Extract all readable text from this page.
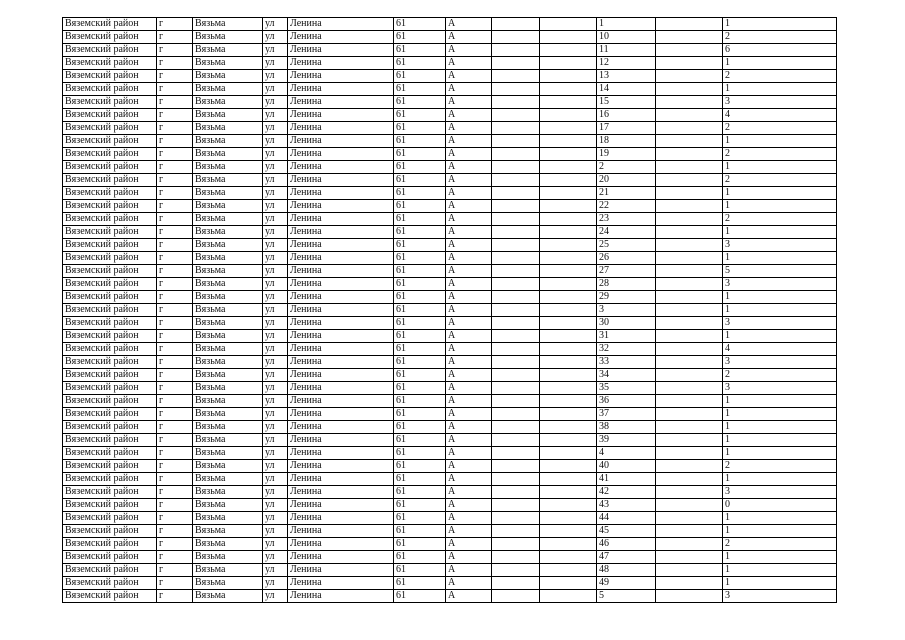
Вяземский район	г	Вязьма	ул	Ленина	61	А			1		1
Вяземский район	г	Вязьма	ул	Ленина	61	А			10		2
Вяземский район	г	Вязьма	ул	Ленина	61	А			11		6
Вяземский район	г	Вязьма	ул	Ленина	61	А			12		1
Вяземский район	г	Вязьма	ул	Ленина	61	А			13		2
Вяземский район	г	Вязьма	ул	Ленина	61	А			14		1
Вяземский район	г	Вязьма	ул	Ленина	61	А			15		3
Вяземский район	г	Вязьма	ул	Ленина	61	А			16		4
Вяземский район	г	Вязьма	ул	Ленина	61	А			17		2
Вяземский район	г	Вязьма	ул	Ленина	61	А			18		1
Вяземский район	г	Вязьма	ул	Ленина	61	А			19		2
Вяземский район	г	Вязьма	ул	Ленина	61	А			2		1
Вяземский район	г	Вязьма	ул	Ленина	61	А			20		2
Вяземский район	г	Вязьма	ул	Ленина	61	А			21		1
Вяземский район	г	Вязьма	ул	Ленина	61	А			22		1
Вяземский район	г	Вязьма	ул	Ленина	61	А			23		2
Вяземский район	г	Вязьма	ул	Ленина	61	А			24		1
Вяземский район	г	Вязьма	ул	Ленина	61	А			25		3
Вяземский район	г	Вязьма	ул	Ленина	61	А			26		1
Вяземский район	г	Вязьма	ул	Ленина	61	А			27		5
Вяземский район	г	Вязьма	ул	Ленина	61	А			28		3
Вяземский район	г	Вязьма	ул	Ленина	61	А			29		1
Вяземский район	г	Вязьма	ул	Ленина	61	А			3		1
Вяземский район	г	Вязьма	ул	Ленина	61	А			30		3
Вяземский район	г	Вязьма	ул	Ленина	61	А			31		1
Вяземский район	г	Вязьма	ул	Ленина	61	А			32		4
Вяземский район	г	Вязьма	ул	Ленина	61	А			33		3
Вяземский район	г	Вязьма	ул	Ленина	61	А			34		2
Вяземский район	г	Вязьма	ул	Ленина	61	А			35		3
Вяземский район	г	Вязьма	ул	Ленина	61	А			36		1
Вяземский район	г	Вязьма	ул	Ленина	61	А			37		1
Вяземский район	г	Вязьма	ул	Ленина	61	А			38		1
Вяземский район	г	Вязьма	ул	Ленина	61	А			39		1
Вяземский район	г	Вязьма	ул	Ленина	61	А			4		1
Вяземский район	г	Вязьма	ул	Ленина	61	А			40		2
Вяземский район	г	Вязьма	ул	Ленина	61	А			41		1
Вяземский район	г	Вязьма	ул	Ленина	61	А			42		3
Вяземский район	г	Вязьма	ул	Ленина	61	А			43		0
Вяземский район	г	Вязьма	ул	Ленина	61	А			44		1
Вяземский район	г	Вязьма	ул	Ленина	61	А			45		1
Вяземский район	г	Вязьма	ул	Ленина	61	А			46		2
Вяземский район	г	Вязьма	ул	Ленина	61	А			47		1
Вяземский район	г	Вязьма	ул	Ленина	61	А			48		1
Вяземский район	г	Вязьма	ул	Ленина	61	А			49		1
Вяземский район	г	Вязьма	ул	Ленина	61	А			5		3
